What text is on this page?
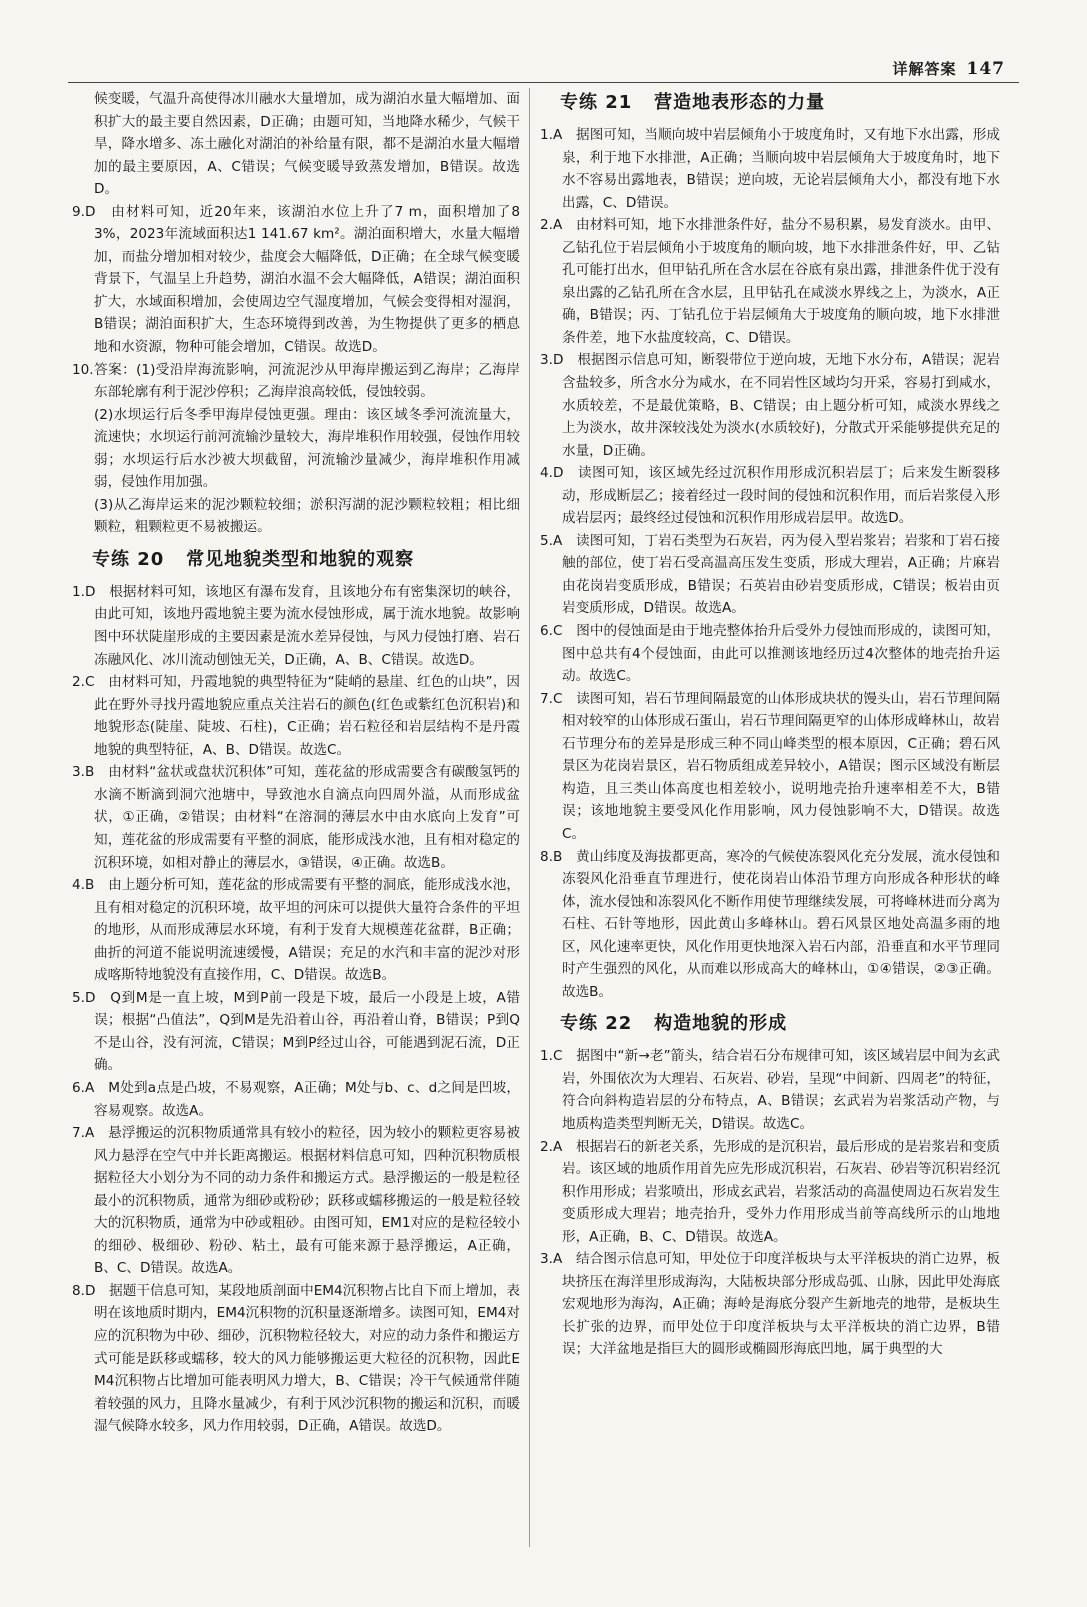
详解答案 147

候变暖，气温升高使得冰川融水大量增加，成为湖泊水量大幅增加、面积扩大的最主要自然因素，D正确；由题可知，当地降水稀少，气候干旱，降水增多、冻土融化对湖泊的补给量有限，都不是湖泊水量大幅增加的最主要原因，A、C错误；气候变暖导致蒸发增加，B错误。故选D。

9.D　由材料可知，近20年来，该湖泊水位上升了7 m，面积增加了83%，2023年流域面积达1 141.67 km²。湖泊面积增大，水量大幅增加，而盐分增加相对较少，盐度会大幅降低，D正确；在全球气候变暖背景下，气温呈上升趋势，湖泊水温不会大幅降低，A错误；湖泊面积扩大，水域面积增加，会使周边空气湿度增加，气候会变得相对湿润，B错误；湖泊面积扩大，生态环境得到改善，为生物提供了更多的栖息地和水资源，物种可能会增加，C错误。故选D。

10.答案：(1)受沿岸海流影响，河流泥沙从甲海岸搬运到乙海岸；乙海岸东部轮廓有利于泥沙停积；乙海岸浪高较低，侵蚀较弱。

(2)水坝运行后冬季甲海岸侵蚀更强。理由：该区域冬季河流流量大，流速快；水坝运行前河流输沙量较大，海岸堆积作用较强，侵蚀作用较弱；水坝运行后水沙被大坝截留，河流输沙量减少，海岸堆积作用减弱，侵蚀作用加强。

(3)从乙海岸运来的泥沙颗粒较细；淤积泻湖的泥沙颗粒较粗；相比细颗粒，粗颗粒更不易被搬运。

专练 20 常见地貌类型和地貌的观察

1.D　根据材料可知，该地区有瀑布发育，且该地分布有密集深切的峡谷，由此可知，该地丹霞地貌主要为流水侵蚀形成，属于流水地貌。故影响图中环状陡崖形成的主要因素是流水差异侵蚀，与风力侵蚀打磨、岩石冻融风化、冰川流动刨蚀无关，D正确，A、B、C错误。故选D。

2.C　由材料可知，丹霞地貌的典型特征为“陡峭的悬崖、红色的山块”，因此在野外寻找丹霞地貌应重点关注岩石的颜色(红色或紫红色沉积岩)和地貌形态(陡崖、陡坡、石柱)，C正确；岩石粒径和岩层结构不是丹霞地貌的典型特征，A、B、D错误。故选C。

3.B　由材料“盆状或盘状沉积体”可知，莲花盆的形成需要含有碳酸氢钙的水滴不断滴到洞穴池塘中，导致池水自滴点向四周外溢，从而形成盆状，①正确，②错误；由材料“在溶洞的薄层水中由水底向上发育”可知，莲花盆的形成需要有平整的洞底，能形成浅水池，且有相对稳定的沉积环境，如相对静止的薄层水，③错误，④正确。故选B。

4.B　由上题分析可知，莲花盆的形成需要有平整的洞底，能形成浅水池，且有相对稳定的沉积环境，故平坦的河床可以提供大量符合条件的平坦的地形，从而形成薄层水环境，有利于发育大规模莲花盆群，B正确；曲折的河道不能说明流速缓慢，A错误；充足的水汽和丰富的泥沙对形成喀斯特地貌没有直接作用，C、D错误。故选B。

5.D　Q到M是一直上坡，M到P前一段是下坡，最后一小段是上坡，A错误；根据“凸值法”，Q到M是先沿着山谷，再沿着山脊，B错误；P到Q不是山谷，没有河流，C错误；M到P经过山谷，可能遇到泥石流，D正确。

6.A　M处到a点是凸坡，不易观察，A正确；M处与b、c、d之间是凹坡，容易观察。故选A。

7.A　悬浮搬运的沉积物质通常具有较小的粒径，因为较小的颗粒更容易被风力悬浮在空气中并长距离搬运。根据材料信息可知，四种沉积物质根据粒径大小划分为不同的动力条件和搬运方式。悬浮搬运的一般是粒径最小的沉积物质，通常为细砂或粉砂；跃移或蠕移搬运的一般是粒径较大的沉积物质，通常为中砂或粗砂。由图可知，EM1对应的是粒径较小的细砂、极细砂、粉砂、粘土，最有可能来源于悬浮搬运，A正确，B、C、D错误。故选A。

8.D　据题干信息可知，某段地质剖面中EM4沉积物占比自下而上增加，表明在该地质时期内，EM4沉积物的沉积量逐渐增多。读图可知，EM4对应的沉积物为中砂、细砂，沉积物粒径较大，对应的动力条件和搬运方式可能是跃移或蠕移，较大的风力能够搬运更大粒径的沉积物，因此EM4沉积物占比增加可能表明风力增大，B、C错误；冷干气候通常伴随着较强的风力，且降水量减少，有利于风沙沉积物的搬运和沉积，而暖湿气候降水较多，风力作用较弱，D正确，A错误。故选D。

专练 21 营造地表形态的力量

1.A　据图可知，当顺向坡中岩层倾角小于坡度角时，又有地下水出露，形成泉，利于地下水排泄，A正确；当顺向坡中岩层倾角大于坡度角时，地下水不容易出露地表，B错误；逆向坡，无论岩层倾角大小，都没有地下水出露，C、D错误。

2.A　由材料可知，地下水排泄条件好，盐分不易积累，易发育淡水。由甲、乙钻孔位于岩层倾角小于坡度角的顺向坡，地下水排泄条件好，甲、乙钻孔可能打出水，但甲钻孔所在含水层在谷底有泉出露，排泄条件优于没有泉出露的乙钻孔所在含水层，且甲钻孔在咸淡水界线之上，为淡水，A正确，B错误；丙、丁钻孔位于岩层倾角大于坡度角的顺向坡，地下水排泄条件差，地下水盐度较高，C、D错误。

3.D　根据图示信息可知，断裂带位于逆向坡，无地下水分布，A错误；泥岩含盐较多，所含水分为咸水，在不同岩性区域均匀开采，容易打到咸水，水质较差，不是最优策略，B、C错误；由上题分析可知，咸淡水界线之上为淡水，故井深较浅处为淡水(水质较好)，分散式开采能够提供充足的水量，D正确。

4.D　读图可知，该区域先经过沉积作用形成沉积岩层丁；后来发生断裂移动，形成断层乙；接着经过一段时间的侵蚀和沉积作用，而后岩浆侵入形成岩层丙；最终经过侵蚀和沉积作用形成岩层甲。故选D。

5.A　读图可知，丁岩石类型为石灰岩，丙为侵入型岩浆岩；岩浆和丁岩石接触的部位，使丁岩石受高温高压发生变质，形成大理岩，A正确；片麻岩由花岗岩变质形成，B错误；石英岩由砂岩变质形成，C错误；板岩由页岩变质形成，D错误。故选A。

6.C　图中的侵蚀面是由于地壳整体抬升后受外力侵蚀而形成的，读图可知，图中总共有4个侵蚀面，由此可以推测该地经历过4次整体的地壳抬升运动。故选C。

7.C　读图可知，岩石节理间隔最宽的山体形成块状的馒头山，岩石节理间隔相对较窄的山体形成石蛋山，岩石节理间隔更窄的山体形成峰林山，故岩石节理分布的差异是形成三种不同山峰类型的根本原因，C正确；碧石风景区为花岗岩景区，岩石物质组成差异较小，A错误；图示区域没有断层构造，且三类山体高度也相差较小，说明地壳抬升速率相差不大，B错误；该地地貌主要受风化作用影响，风力侵蚀影响不大，D错误。故选C。

8.B　黄山纬度及海拔都更高，寒冷的气候使冻裂风化充分发展，流水侵蚀和冻裂风化沿垂直节理进行，使花岗岩山体沿节理方向形成各种形状的峰体，流水侵蚀和冻裂风化不断作用使节理继续发展，可将峰林进而分离为石柱、石针等地形，因此黄山多峰林山。碧石风景区地处高温多雨的地区，风化速率更快，风化作用更快地深入岩石内部，沿垂直和水平节理同时产生强烈的风化，从而难以形成高大的峰林山，①④错误，②③正确。故选B。

专练 22 构造地貌的形成

1.C　据图中“新→老”箭头，结合岩石分布规律可知，该区域岩层中间为玄武岩，外围依次为大理岩、石灰岩、砂岩，呈现“中间新、四周老”的特征，符合向斜构造岩层的分布特点，A、B错误；玄武岩为岩浆活动产物，与地质构造类型判断无关，D错误。故选C。

2.A　根据岩石的新老关系，先形成的是沉积岩，最后形成的是岩浆岩和变质岩。该区域的地质作用首先应先形成沉积岩，石灰岩、砂岩等沉积岩经沉积作用形成；岩浆喷出，形成玄武岩，岩浆活动的高温使周边石灰岩发生变质形成大理岩；地壳抬升，受外力作用形成当前等高线所示的山地地形，A正确，B、C、D错误。故选A。

3.A　结合图示信息可知，甲处位于印度洋板块与太平洋板块的消亡边界，板块挤压在海洋里形成海沟，大陆板块部分形成岛弧、山脉，因此甲处海底宏观地形为海沟，A正确；海岭是海底分裂产生新地壳的地带，是板块生长扩张的边界，而甲处位于印度洋板块与太平洋板块的消亡边界，B错误；大洋盆地是指巨大的圆形或椭圆形海底凹地，属于典型的大
